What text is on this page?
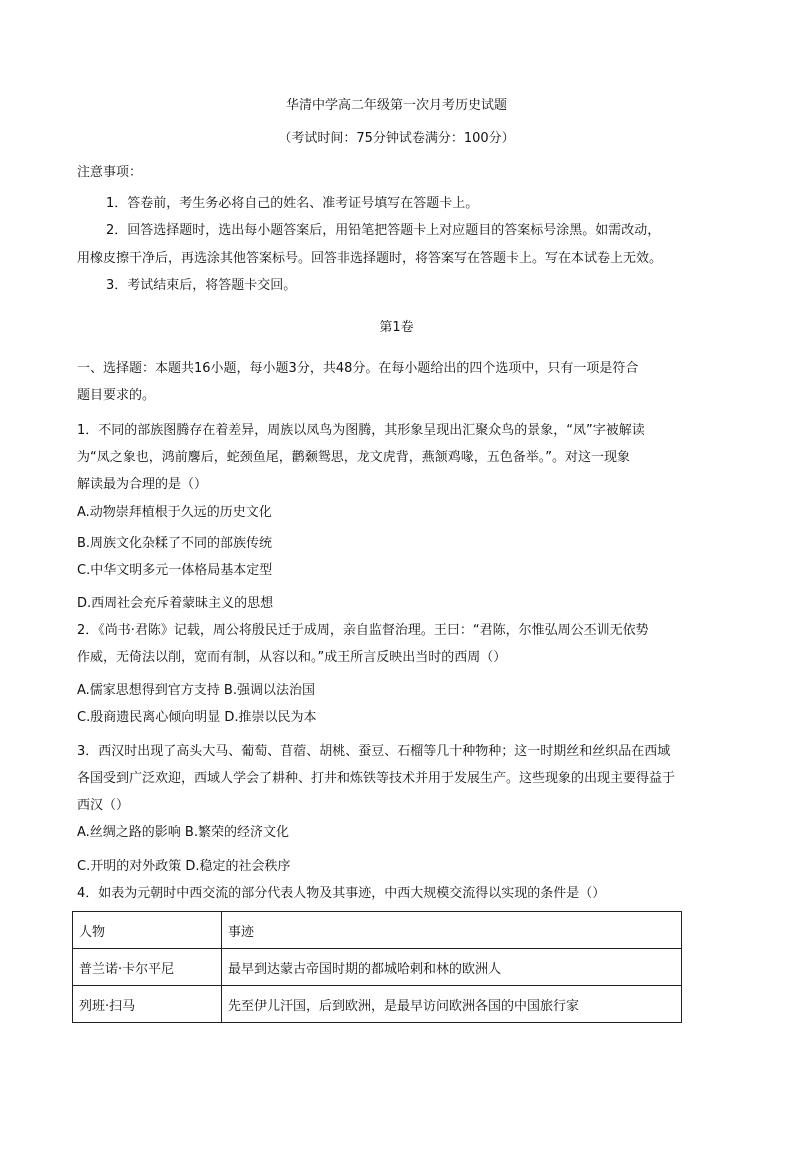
华清中学高二年级第一次月考历史试题
（考试时间：75分钟试卷满分：100分）
注意事项：
1．答卷前，考生务必将自己的姓名、准考证号填写在答题卡上。
2．回答选择题时，选出每小题答案后，用铅笔把答题卡上对应题目的答案标号涂黑。如需改动，
用橡皮擦干净后，再选涂其他答案标号。回答非选择题时，将答案写在答题卡上。写在本试卷上无效。
3．考试结束后，将答题卡交回。
第1卷
一、选择题：本题共16小题，每小题3分，共48分。在每小题给出的四个选项中，只有一项是符合
题目要求的。
1．不同的部族图腾存在着差异，周族以凤鸟为图腾，其形象呈现出汇聚众鸟的景象，“凤”字被解读
为“凤之象也，鸿前麐后，蛇颈鱼尾，鹳颡鸳思，龙文虎背，燕颔鸡喙，五色备举。”。对这一现象
解读最为合理的是（）
A.动物崇拜植根于久远的历史文化
B.周族文化杂糅了不同的部族传统
C.中华文明多元一体格局基本定型
D.西周社会充斥着蒙昧主义的思想
2．《尚书·君陈》记载，周公将殷民迁于成周，亲自监督治理。王曰：“君陈，尔惟弘周公丕训无依势
作威，无倚法以削，宽而有制，从容以和。”成王所言反映出当时的西周（）
A.儒家思想得到官方支持 B.强调以法治国
C.殷商遗民离心倾向明显 D.推崇以民为本
3．西汉时出现了高头大马、葡萄、苜蓿、胡桃、蚕豆、石榴等几十种物种；这一时期丝和丝织品在西域
各国受到广泛欢迎，西域人学会了耕种、打井和炼铁等技术并用于发展生产。这些现象的出现主要得益于
西汉（）
A.丝绸之路的影响 B.繁荣的经济文化
C.开明的对外政策 D.稳定的社会秩序
4．如表为元朝时中西交流的部分代表人物及其事迹，中西大规模交流得以实现的条件是（）
人物	事迹
普兰诺·卡尔平尼	最早到达蒙古帝国时期的都城哈剌和林的欧洲人
列班·扫马	先至伊儿汗国，后到欧洲，是最早访问欧洲各国的中国旅行家
